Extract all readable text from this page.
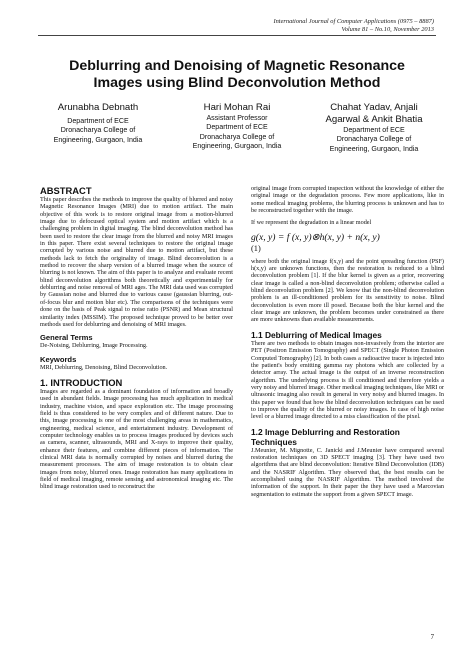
International Journal of Computer Applications (0975 – 8887)
Volume 81 – No.10, November 2013
Deblurring and Denoising of Magnetic Resonance
Images using Blind Deconvolution Method
Arunabha Debnath
Department of ECE
Dronacharya College of
Engineering, Gurgaon, India
Hari Mohan Rai
Assistant Professor
Department of ECE
Dronacharya College of
Engineering, Gurgaon, India
Chahat Yadav, Anjali
Agarwal & Ankit Bhatia
Department of ECE
Dronacharya College of
Engineering, Gurgaon, India

ABSTRACT

This paper describes the methods to improve the quality of blurred and noisy Magnetic Resonance Images (MRI) due to motion artifact. The main objective of this work is to restore original image from a motion-blurred image due to defocused optical system and motion artifact which is a challenging problem in digital imaging. The blind deconvolution method has been used to restore the clear image from the blurred and noisy MRI images in this paper. There exist several techniques to restore the original image corrupted by various noise and blurred due to motion artifact, but these methods lack to fetch the originality of image. Blind deconvolution is a method to recover the sharp version of a blurred image when the source of blurring is not known. The aim of this paper is to analyze and evaluate recent blind deconvolution algorithms both theoretically and experimentally for deblurring and noise removal of MRI ages. The MRI data used was corrupted by Gaussian noise and blurred due to various cause (gaussian blurring, out-of-focus blur and motion blur etc). The comparisons of the techniques were done on the basis of Peak signal to noise ratio (PSNR) and Mean structural similarity index (MSSIM). The proposed technique proved to be better over methods used for deblurring and denoising of MRI images.

General Terms

De-Noising, Deblurring, Image Processing.

Keywords

MRI, Deblurring, Denoising, Blind Deconvolution.

1. INTRODUCTION

Images are regarded as a dominant foundation of information and broadly used in abundant fields. Image processing has much application in medical industry, machine vision, and space exploration etc. The image processing field is thus considered to be very complex and of different nature. Due to this, image processing is one of the most challenging areas in mathematics, engineering, medical science, and entertainment industry. Development of computer technology enables us to process images produced by devices such as camera, scanner, ultrasounds, MRI and X-rays to improve their quality, enhance their features, and combine different pieces of information. The clinical MRI data is normally corrupted by noises and blurred during the measurement processes. The aim of image restoration is to obtain clear images from noisy, blurred ones. Image restoration has many applications in field of medical imaging, remote sensing and astronomical imaging etc. The blind image restoration used to reconstruct the

original image from corrupted inspection without the knowledge of either the original image or the degradation process. Few more applications, like in some medical imaging problems, the blurring process is unknown and has to be reconstructed together with the image.

If we represent the degradation in a linear model

g(x, y) = f (x, y)⊗h(x, y) + n(x, y)
(1)

where both the original image f(x,y) and the point spreading function (PSF) h(x,y) are unknown functions, then the restoration is reduced to a blind deconvolution problem [1]. If the blur kernel is given as a prior, recovering clear image is called a non-blind deconvolution problem; otherwise called a blind deconvolution problem [2]. We know that the non-blind deconvolution problem is an ill-conditioned problem for its sensitivity to noise. Blind deconvolution is even more ill posed. Because both the blur kernel and the clear image are unknown, the problem becomes under constrained as there are more unknowns than available measurements.

1.1 Deblurring of Medical Images

There are two methods to obtain images non-invasively from the interior are PET (Positron Emission Tomography) and SPECT (Single Photon Emission Computed Tomography) [2]. In both cases a radioactive tracer is injected into the patient's body emitting gamma ray photons which are collected by a detector array. The actual image is the output of an inverse reconstruction algorithm. The underlying process is ill conditioned and therefore yields a very noisy and blurred image. Other medical imaging techniques, like MRI or ultrasonic imaging also result in general in very noisy and blurred images. In this paper we found that how the blind deconvolution techniques can be used to improve the quality of the blurred or noisy images. In case of high noise level or a blurred image directed to a miss classification of the pixel.

1.2 Image Deblurring and Restoration

Techniques

J.Meunier, M. Mignotte, C. Janicki and J.Meunier have compared several restoration techniques on 3D SPECT imaging [3]. They have used two algorithms that are blind deconvolution: Iterative Blind Deconvolution (IDB) and the NASRIF Algorithm. They observed that, the best results can be accomplished using the NASRIF Algorithm. The method involved the information of the support. In their paper the they have used a Marcovian segmentation to estimate the support from a given SPECT image.

7
